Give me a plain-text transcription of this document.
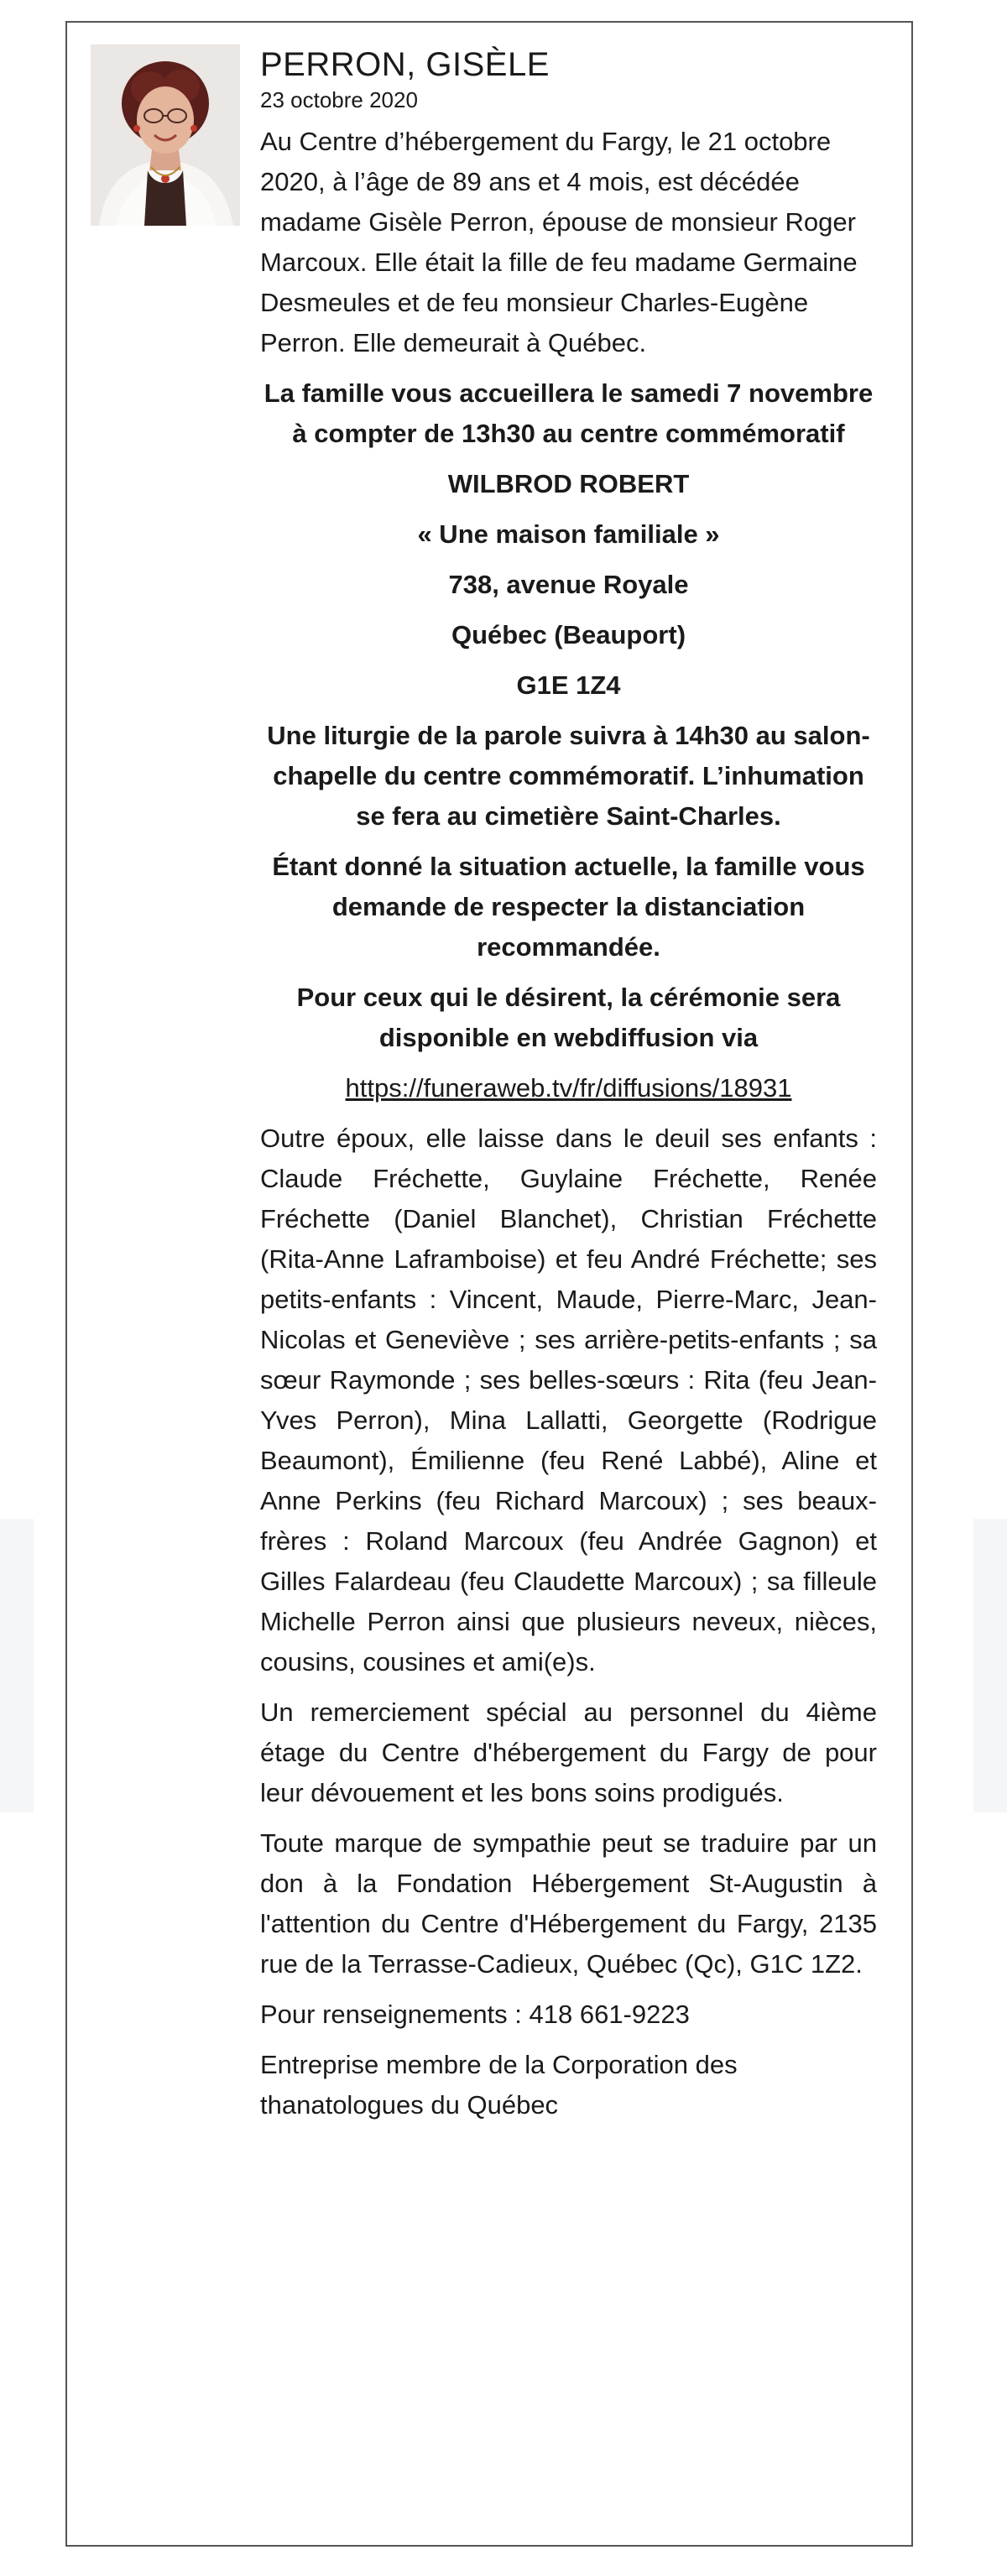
PERRON, GISÈLE
23 octobre 2020

Au Centre d’hébergement du Fargy, le 21 octobre 2020, à l’âge de 89 ans et 4 mois, est décédée madame Gisèle Perron, épouse de monsieur Roger Marcoux. Elle était la fille de feu madame Germaine Desmeules et de feu monsieur Charles-Eugène Perron. Elle demeurait à Québec.

La famille vous accueillera le samedi 7 novembre à compter de 13h30 au centre commémoratif

WILBROD ROBERT

« Une maison familiale »

738, avenue Royale

Québec (Beauport)

G1E 1Z4

Une liturgie de la parole suivra à 14h30 au salon-chapelle du centre commémoratif. L’inhumation se fera au cimetière Saint-Charles.

Étant donné la situation actuelle, la famille vous demande de respecter la distanciation recommandée.

Pour ceux qui le désirent, la cérémonie sera disponible en webdiffusion via

https://funeraweb.tv/fr/diffusions/18931

Outre époux, elle laisse dans le deuil ses enfants : Claude Fréchette, Guylaine Fréchette, Renée Fréchette (Daniel Blanchet), Christian Fréchette (Rita-Anne Laframboise) et feu André Fréchette; ses petits-enfants : Vincent, Maude, Pierre-Marc, Jean-Nicolas et Geneviève ; ses arrière-petits-enfants ; sa sœur Raymonde ; ses belles-sœurs : Rita (feu Jean-Yves Perron), Mina Lallatti, Georgette (Rodrigue Beaumont), Émilienne (feu René Labbé), Aline et Anne Perkins (feu Richard Marcoux) ; ses beaux-frères : Roland Marcoux (feu Andrée Gagnon) et Gilles Falardeau (feu Claudette Marcoux) ; sa filleule Michelle Perron ainsi que plusieurs neveux, nièces, cousins, cousines et ami(e)s.

Un remerciement spécial au personnel du 4ième étage du Centre d'hébergement du Fargy de pour leur dévouement et les bons soins prodigués.

Toute marque de sympathie peut se traduire par un don à la Fondation Hébergement St-Augustin à l'attention du Centre d'Hébergement du Fargy, 2135 rue de la Terrasse-Cadieux, Québec (Qc), G1C 1Z2.

Pour renseignements : 418 661-9223

Entreprise membre de la Corporation des thanatologues du Québec
